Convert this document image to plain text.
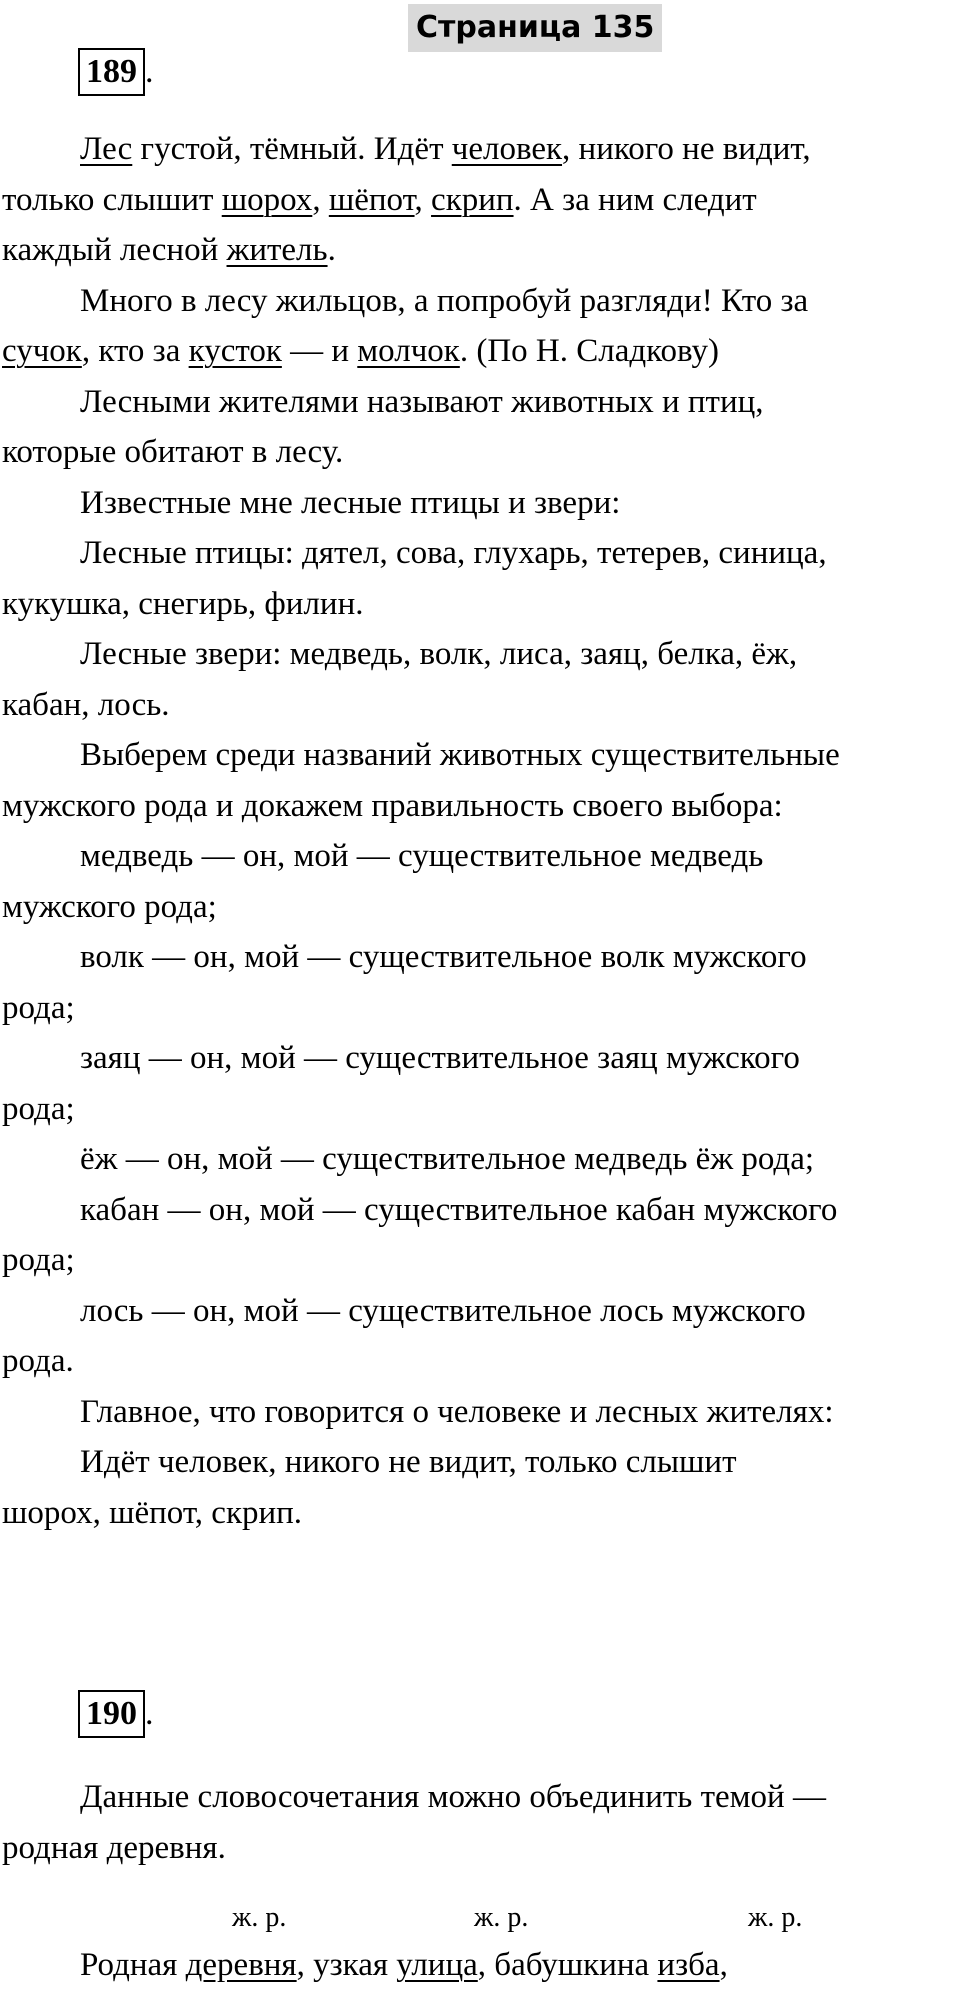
Страница 135
189 .
Лес густой, тёмный. Идёт человек, никого не видит,
только слышит шорох, шёпот, скрип. А за ним следит
каждый лесной житель.
Много в лесу жильцов, а попробуй разгляди! Кто за
сучок, кто за кусток — и молчок. (По Н. Сладкову)
Лесными жителями называют животных и птиц,
которые обитают в лесу.
Известные мне лесные птицы и звери:
Лесные птицы: дятел, сова, глухарь, тетерев, синица,
кукушка, снегирь, филин.
Лесные звери: медведь, волк, лиса, заяц, белка, ёж,
кабан, лось.
Выберем среди названий животных существительные
мужского рода и докажем правильность своего выбора:
медведь — он, мой — существительное медведь
мужского рода;
волк — он, мой — существительное волк мужского
рода;
заяц — он, мой — существительное заяц мужского
рода;
ёж — он, мой — существительное медведь ёж рода;
кабан — он, мой — существительное кабан мужского
рода;
лось — он, мой — существительное лось мужского
рода.
Главное, что говорится о человеке и лесных жителях:
Идёт человек, никого не видит, только слышит
шорох, шёпот, скрип.
190 .
Данные словосочетания можно объединить темой —
родная деревня.
ж. р.	ж. р.	ж. р.
Родная деревня, узкая улица, бабушкина изба,
